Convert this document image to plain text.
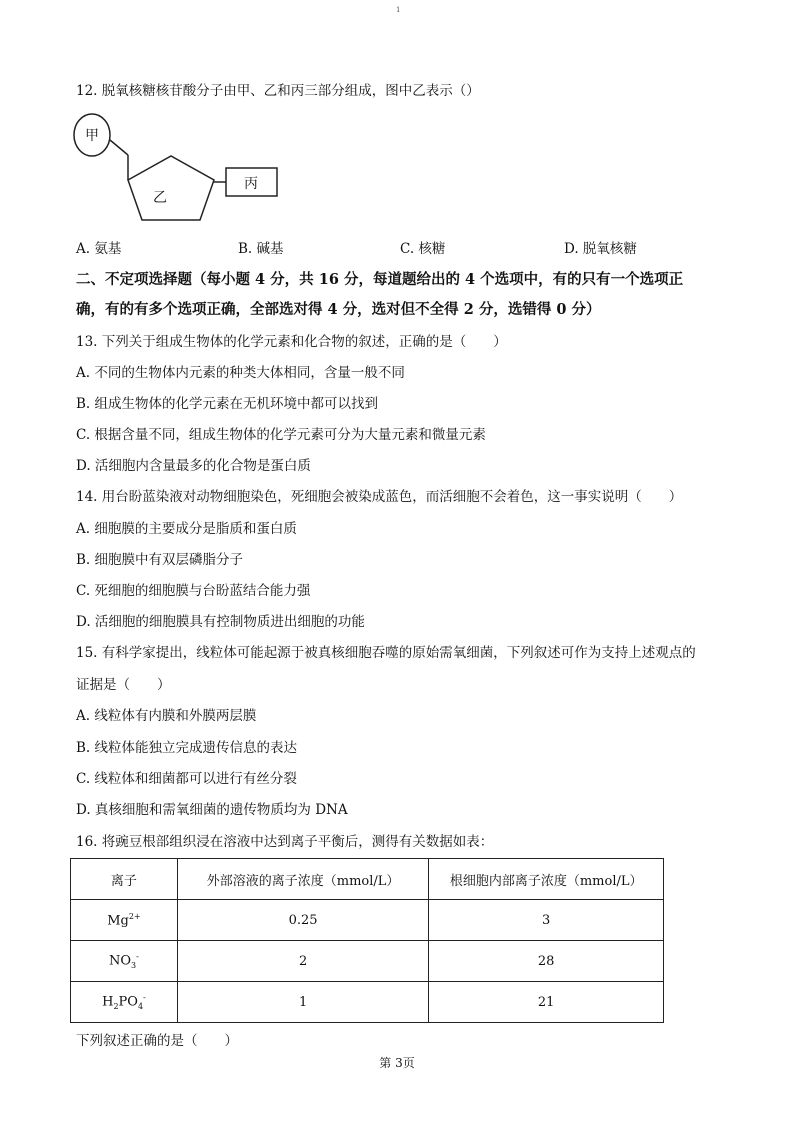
1
12. 脱氧核糖核苷酸分子由甲、乙和丙三部分组成，图中乙表示（）
甲
乙
丙
A. 氨基	B. 碱基	C. 核糖	D. 脱氧核糖
二、不定项选择题（每小题 4 分，共 16 分，每道题给出的 4 个选项中，有的只有一个选项正
确，有的有多个选项正确，全部选对得 4 分，选对但不全得 2 分，选错得 0 分）
13. 下列关于组成生物体的化学元素和化合物的叙述，正确的是（　　）
A. 不同的生物体内元素的种类大体相同，含量一般不同
B. 组成生物体的化学元素在无机环境中都可以找到
C. 根据含量不同，组成生物体的化学元素可分为大量元素和微量元素
D. 活细胞内含量最多的化合物是蛋白质
14. 用台盼蓝染液对动物细胞染色，死细胞会被染成蓝色，而活细胞不会着色，这一事实说明（　　）
A. 细胞膜的主要成分是脂质和蛋白质
B. 细胞膜中有双层磷脂分子
C. 死细胞的细胞膜与台盼蓝结合能力强
D. 活细胞的细胞膜具有控制物质进出细胞的功能
15. 有科学家提出，线粒体可能起源于被真核细胞吞噬的原始需氧细菌，下列叙述可作为支持上述观点的
证据是（　　）
A. 线粒体有内膜和外膜两层膜
B. 线粒体能独立完成遗传信息的表达
C. 线粒体和细菌都可以进行有丝分裂
D. 真核细胞和需氧细菌的遗传物质均为 DNA
16. 将豌豆根部组织浸在溶液中达到离子平衡后，测得有关数据如表：
离子	外部溶液的离子浓度（mmol/L）	根细胞内部离子浓度（mmol/L）
$Mg^{2+}$	0.25	3
$NO_3^-$	2	28
$H_2PO_4^-$	1	21
下列叙述正确的是（　　）
第 3页
